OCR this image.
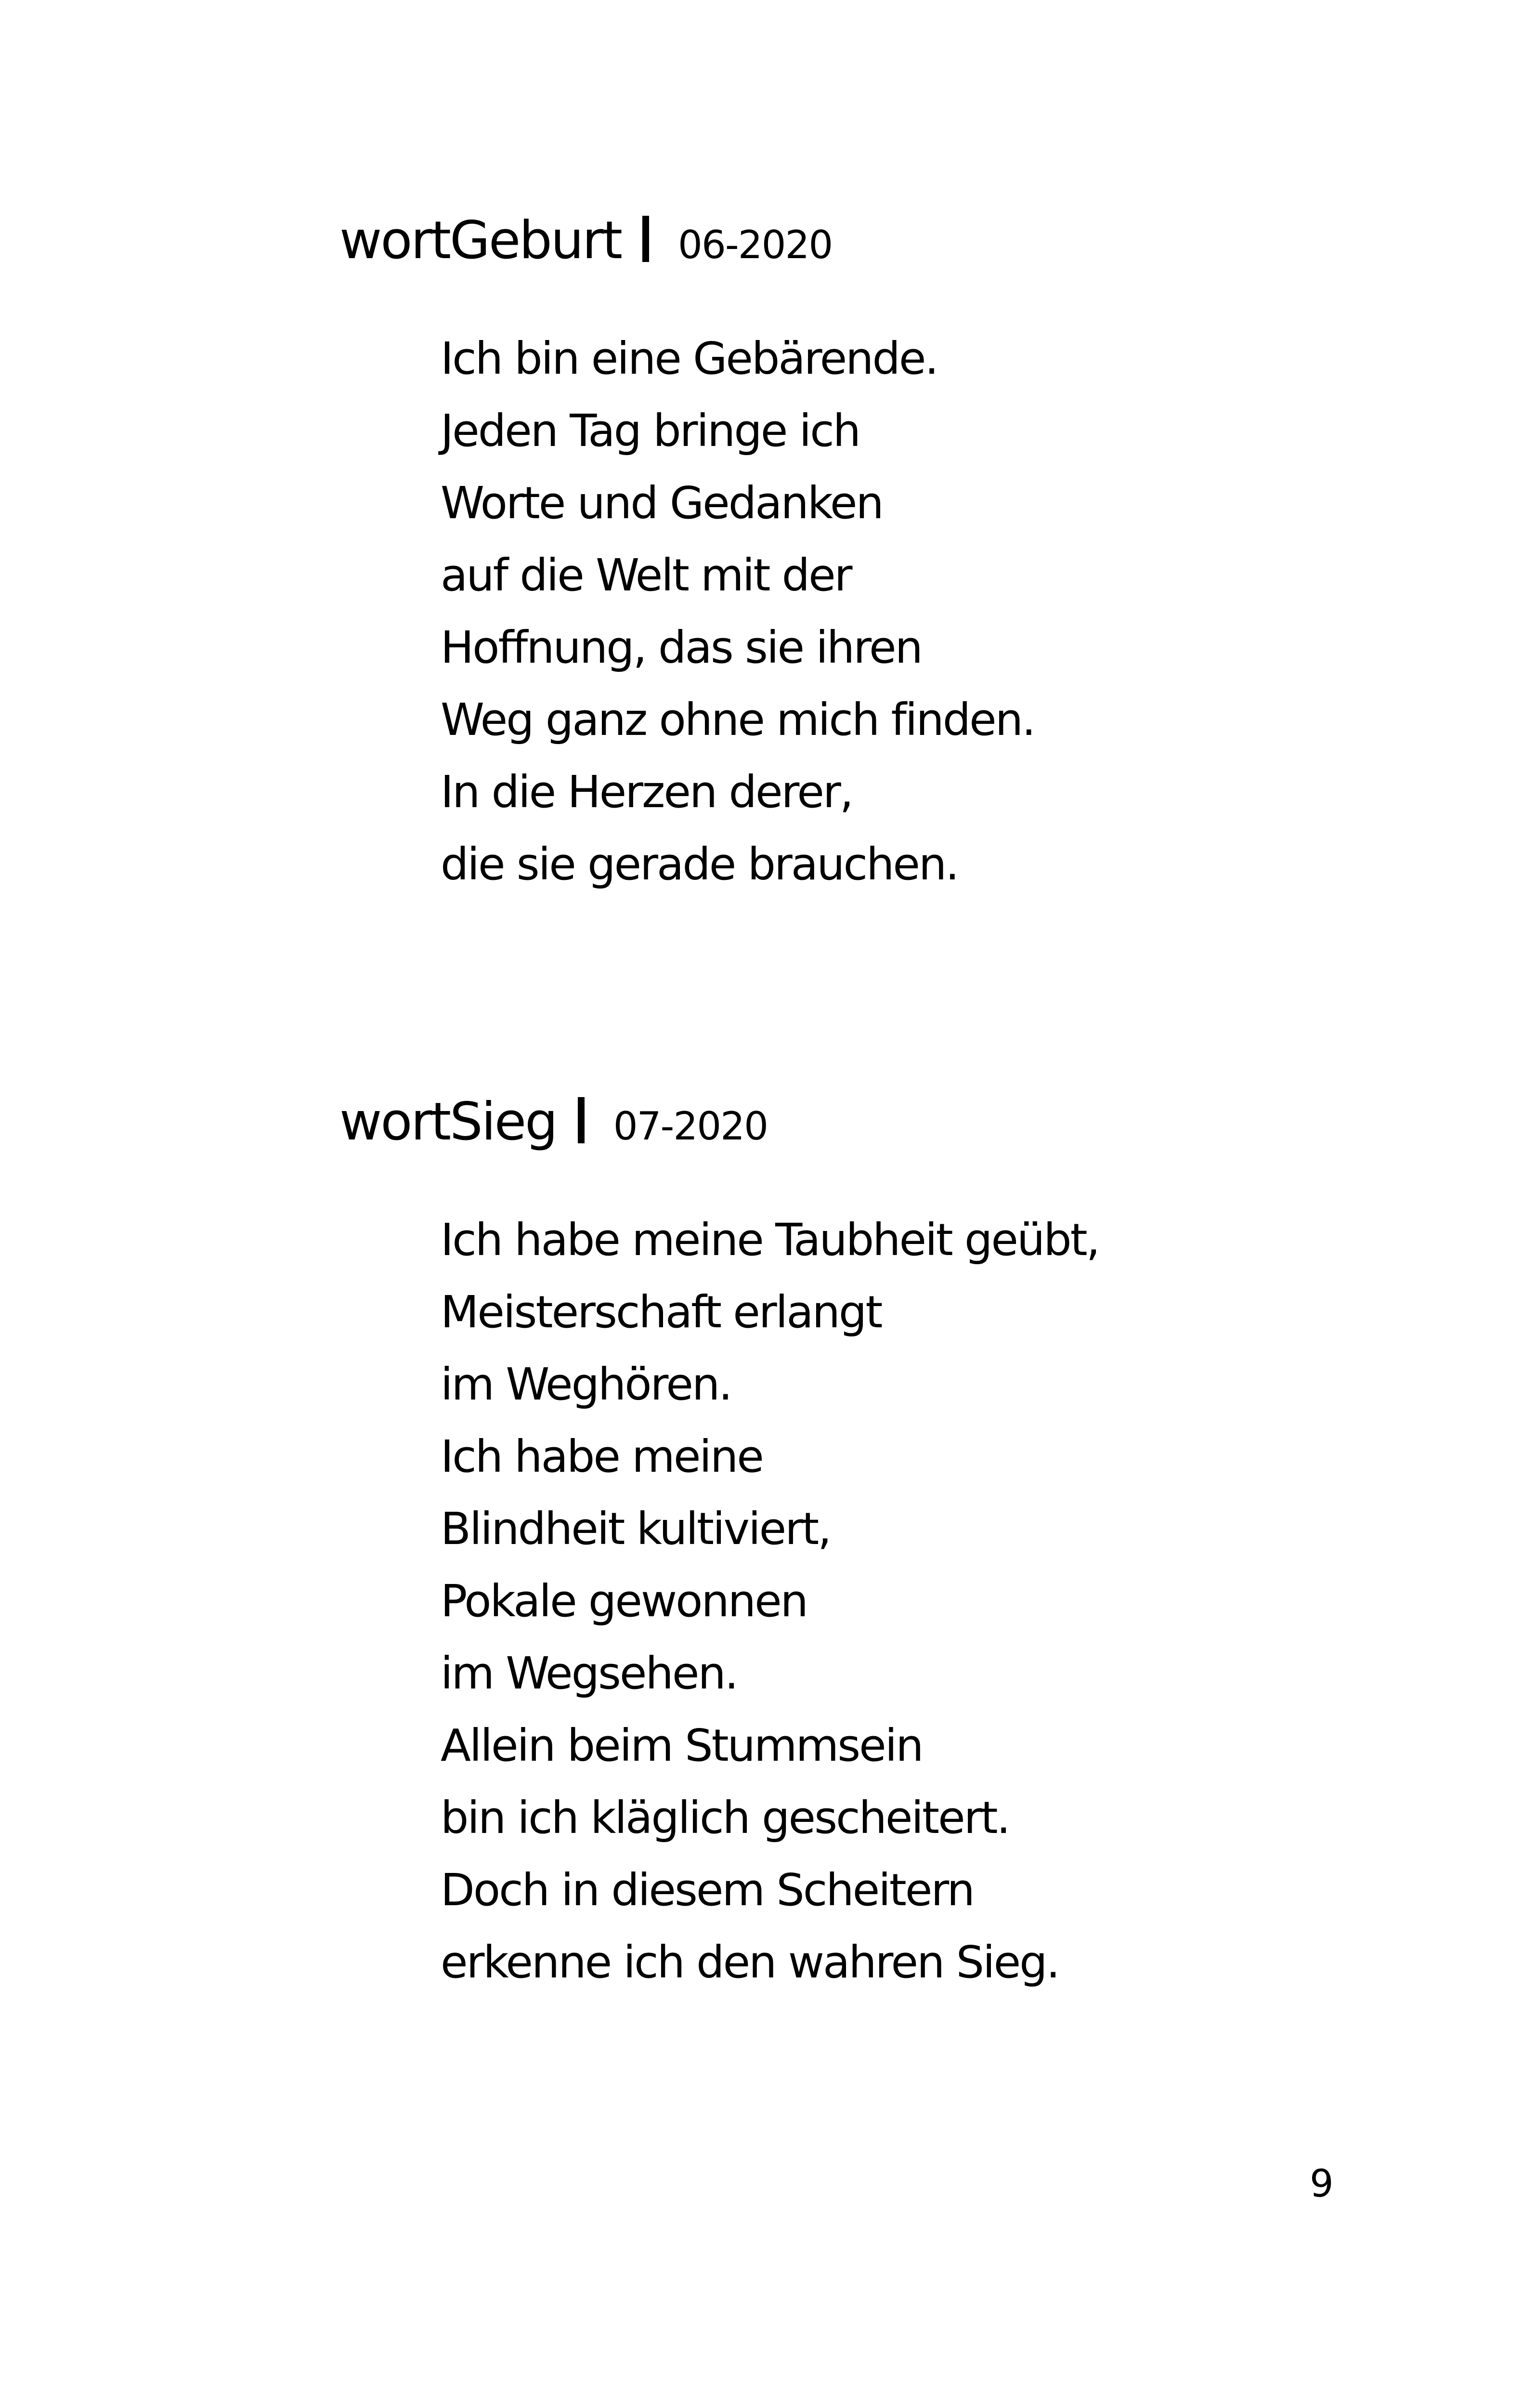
wortGeburt 06-2020
Ich bin eine Gebärende.
Jeden Tag bringe ich
Worte und Gedanken
auf die Welt mit der
Hoffnung, das sie ihren
Weg ganz ohne mich finden.
In die Herzen derer,
die sie gerade brauchen.
wortSieg 07-2020
Ich habe meine Taubheit geübt,
Meisterschaft erlangt
im Weghören.
Ich habe meine
Blindheit kultiviert,
Pokale gewonnen
im Wegsehen.
Allein beim Stummsein
bin ich kläglich gescheitert.
Doch in diesem Scheitern
erkenne ich den wahren Sieg.
9
